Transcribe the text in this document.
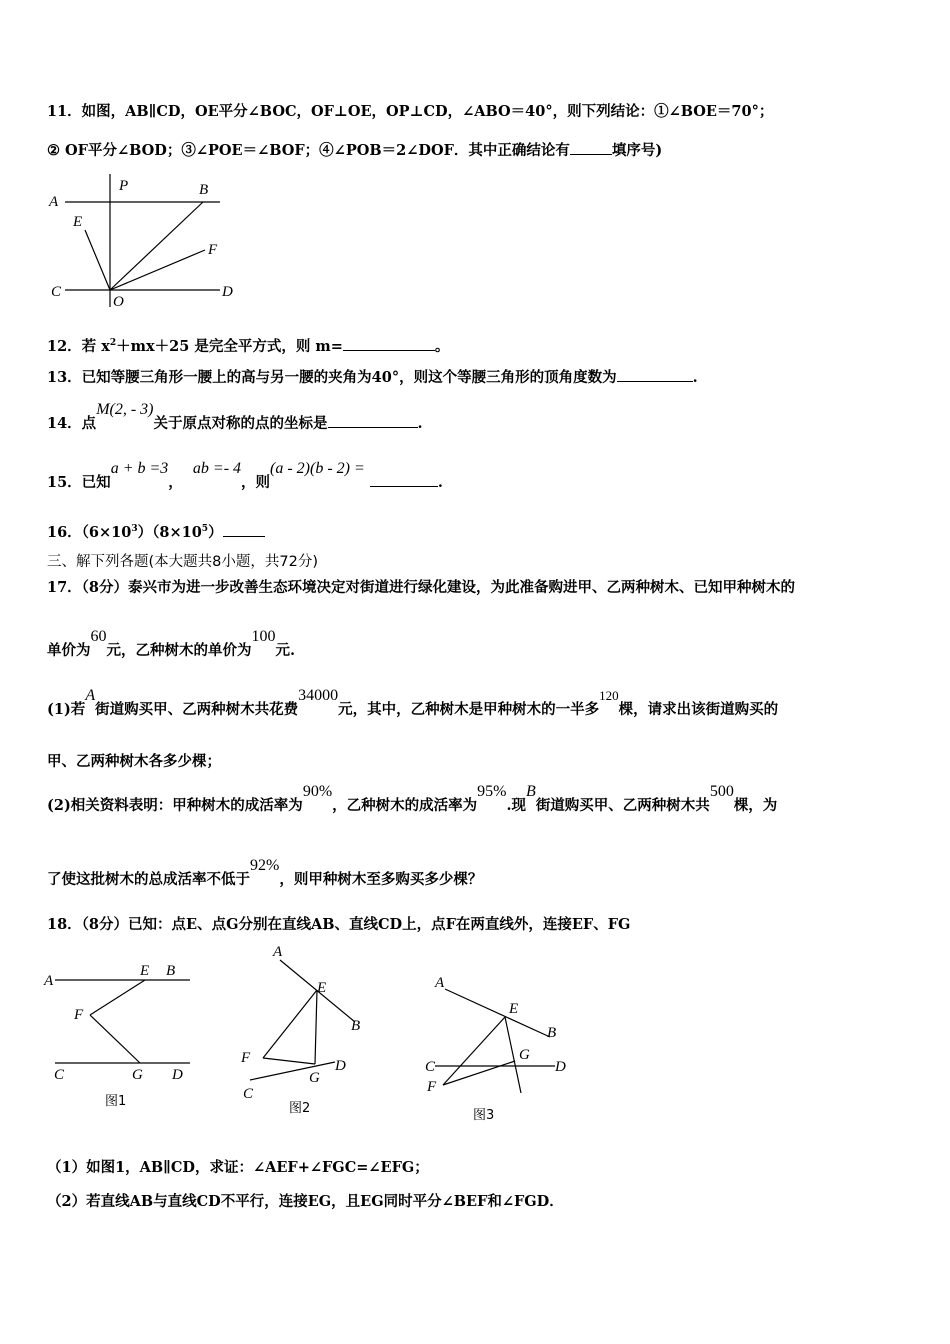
11．如图，AB∥CD，OE平分∠BOC，OF⊥OE，OP⊥CD，∠ABO＝40°，则下列结论：①∠BOE＝70°；
② OF平分∠BOD；③∠POE＝∠BOF；④∠POB＝2∠DOF．其中正确结论有	填序号)
A
P	B
E
F
C
O
D
12．若 $x^2+mx+25$ 是完全平方式，则 m=	。
13．已知等腰三角形一腰上的高与另一腰的夹角为40°，则这个等腰三角形的顶角度数为	.
14．点M(2, - 3)关于原点对称的点的坐标是	.
15．已知a + b =3，  ab =- 4，则(a - 2)(b - 2) = .
16．$(6\times 10^3)(8\times 10^5)$
三、解下列各题(本大题共8小题，共72分)
17．（8分）泰兴市为进一步改善生态环境决定对街道进行绿化建设，为此准备购进甲、乙两种树木、已知甲种树木的
单价为60元，乙种树木的单价为100元.
(1)若A街道购买甲、乙两种树木共花费34000元，其中，乙种树木是甲种树木的一半多120棵，请求出该街道购买的
甲、乙两种树木各多少棵；
(2)相关资料表明：甲种树木的成活率为90%，乙种树木的成活率为95%.现B街道购买甲、乙两种树木共500棵，为
了使这批树木的总成活率不低于92%，则甲种树木至多购买多少棵？
18．（8分）已知：点E、点G分别在直线AB、直线CD上，点F在两直线外，连接EF、FG
A
E B
F
C	G D
图1
A
E
B
F
G
D
C
图2
A
E
B
C
G
D
F
图3
（1）如图1，AB∥CD，求证：∠AEF+∠FGC=∠EFG；
（2）若直线AB与直线CD不平行，连接EG，且EG同时平分∠BEF和∠FGD．
